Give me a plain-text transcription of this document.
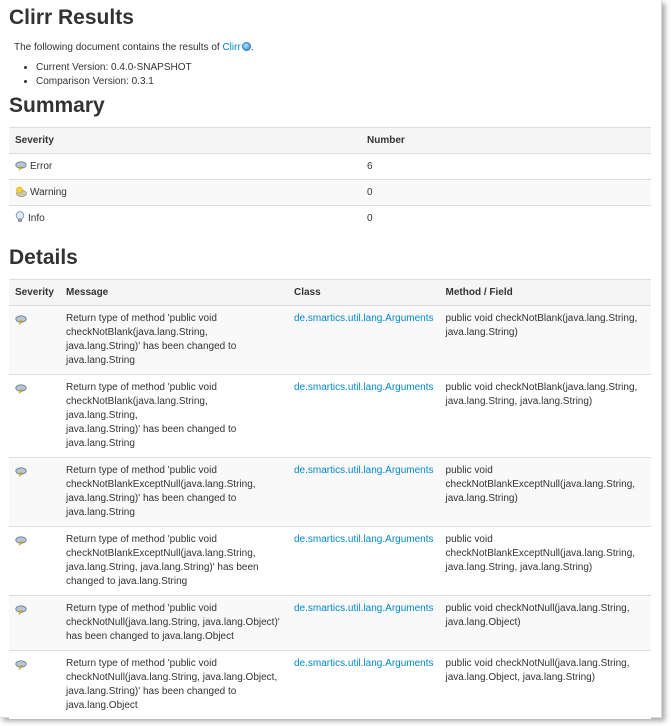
Clirr Results

The following document contains the results of Clirr .

• Current Version: 0.4.0-SNAPSHOT
• Comparison Version: 0.3.1
Summary
Severity	Number
Error	6
Warning	0
Info	0
Details
Severity	Message	Class	Method / Field
	Return type of method 'public void
checkNotBlank(java.lang.String,
java.lang.String)' has been changed to
java.lang.String	de.smartics.util.lang.Arguments	public void checkNotBlank(java.lang.String,
java.lang.String)
	Return type of method 'public void
checkNotBlank(java.lang.String, java.lang.String,
java.lang.String)' has been changed to
java.lang.String	de.smartics.util.lang.Arguments	public void checkNotBlank(java.lang.String,
java.lang.String, java.lang.String)
	Return type of method 'public void
checkNotBlankExceptNull(java.lang.String,
java.lang.String)' has been changed to
java.lang.String	de.smartics.util.lang.Arguments	public void
checkNotBlankExceptNull(java.lang.String,
java.lang.String)
	Return type of method 'public void
checkNotBlankExceptNull(java.lang.String,
java.lang.String, java.lang.String)' has been
changed to java.lang.String	de.smartics.util.lang.Arguments	public void
checkNotBlankExceptNull(java.lang.String,
java.lang.String, java.lang.String)
	Return type of method 'public void
checkNotNull(java.lang.String, java.lang.Object)'
has been changed to java.lang.Object	de.smartics.util.lang.Arguments	public void checkNotNull(java.lang.String,
java.lang.Object)
	Return type of method 'public void
checkNotNull(java.lang.String, java.lang.Object,
java.lang.String)' has been changed to
java.lang.Object	de.smartics.util.lang.Arguments	public void checkNotNull(java.lang.String,
java.lang.Object, java.lang.String)
